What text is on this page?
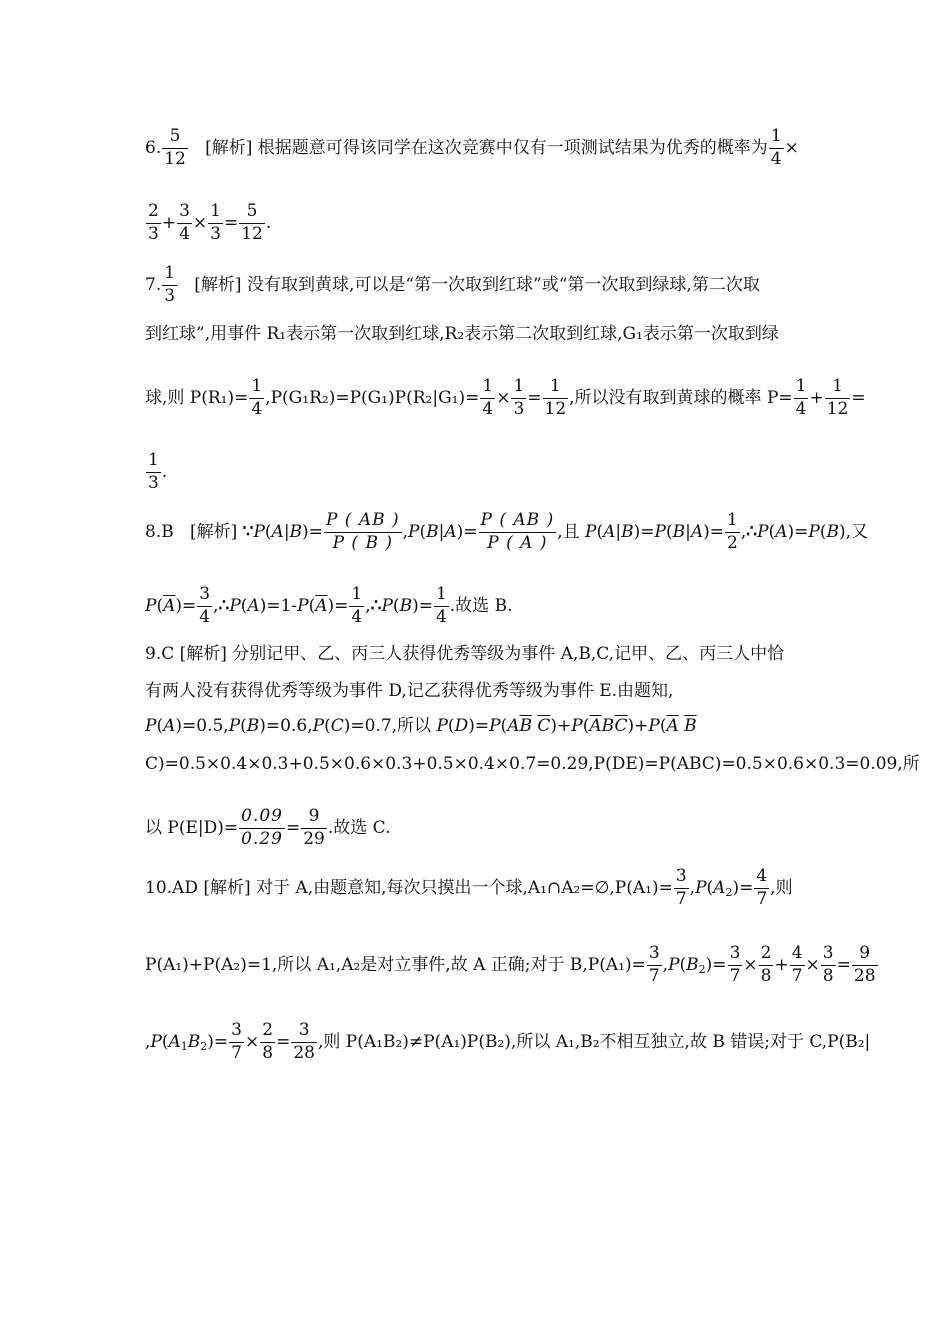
6. $\frac{5}{12}$ [解析] 根据题意可得该同学在这次竞赛中仅有一项测试结果为优秀的概率为 $\frac{1}{4}$ ×
$\frac{2}{3} + \frac{3}{4} \times \frac{1}{3} = \frac{5}{12}$ .
7. $\frac{1}{3}$ [解析] 没有取到黄球,可以是“第一次取到红球”或“第一次取到绿球,第二次取
到红球”,用事件 R₁表示第一次取到红球,R₂表示第二次取到红球,G₁表示第一次取到绿
球,则 $P(R_1)= \frac{1}{4} ,P(G_1R_2)=P(G_1)P(R_2|G_1)= \frac{1}{4} \times \frac{1}{3} = \frac{1}{12}$ ,所以没有取到黄球的概率 $P= \frac{1}{4} + \frac{1}{12}$ =
$\frac{1}{3}$ .
8.B [解析] ∵P(A|B)= $\frac{P ( AB )}{P ( B )} ,P(B|A)= \frac{P ( AB )}{P ( A )}$ ,且 $P(A|B)=P(B|A)= \frac{1}{2}$ ,∴P(A)=P(B),又
$P(\overline{A})= \frac{3}{4}$ $,\therefore P(A)=1-P(\overline{A})= \frac{1}{4}$ ,∴P(B)= $\frac{1}{4}$ .故选 B.
9.C [解析] 分别记甲、乙、丙三人获得优秀等级为事件 A,B,C,记甲、乙、丙三人中恰
有两人没有获得优秀等级为事件 D,记乙获得优秀等级为事件 E.由题知,
P(A)=0.5,P(B)=0.6,P(C)=0.7,所以 $P(D)=P(A\overline{B}$ $\overline{C})+P(\overline{A}B\overline{C})+P(\overline{A}$ $\overline{B}$
C)=0.5×0.4×0.3+0.5×0.6×0.3+0.5×0.4×0.7=0.29,P(DE)=P(ABC)=0.5×0.6×0.3=0.09,所
以 $P(E|D)= \frac{0.09}{0.29} = \frac{9}{29}$ .故选 C.
10.AD [解析] 对于 A,由题意知,每次只摸出一个球,A₁∩A₂=∅,P(A₁)= $\frac{3}{7} ,P(A_2)= \frac{4}{7}$ ,则
P(A₁)+P(A₂)=1,所以 A₁,A₂是对立事件,故 A 正确;对于 $B,P(A_1)= \frac{3}{7} ,P(B_2)= \frac{3}{7} \times \frac{2}{8} + \frac{4}{7} \times \frac{3}{8} = \frac{9}{28}$
$,P(A_1B_2)= \frac{3}{7} \times \frac{2}{8} = \frac{3}{28}$ ,则 P(A₁B₂)≠P(A₁)P(B₂),所以 A₁,B₂不相互独立,故 B 错误;对于 C,P(B₂|
